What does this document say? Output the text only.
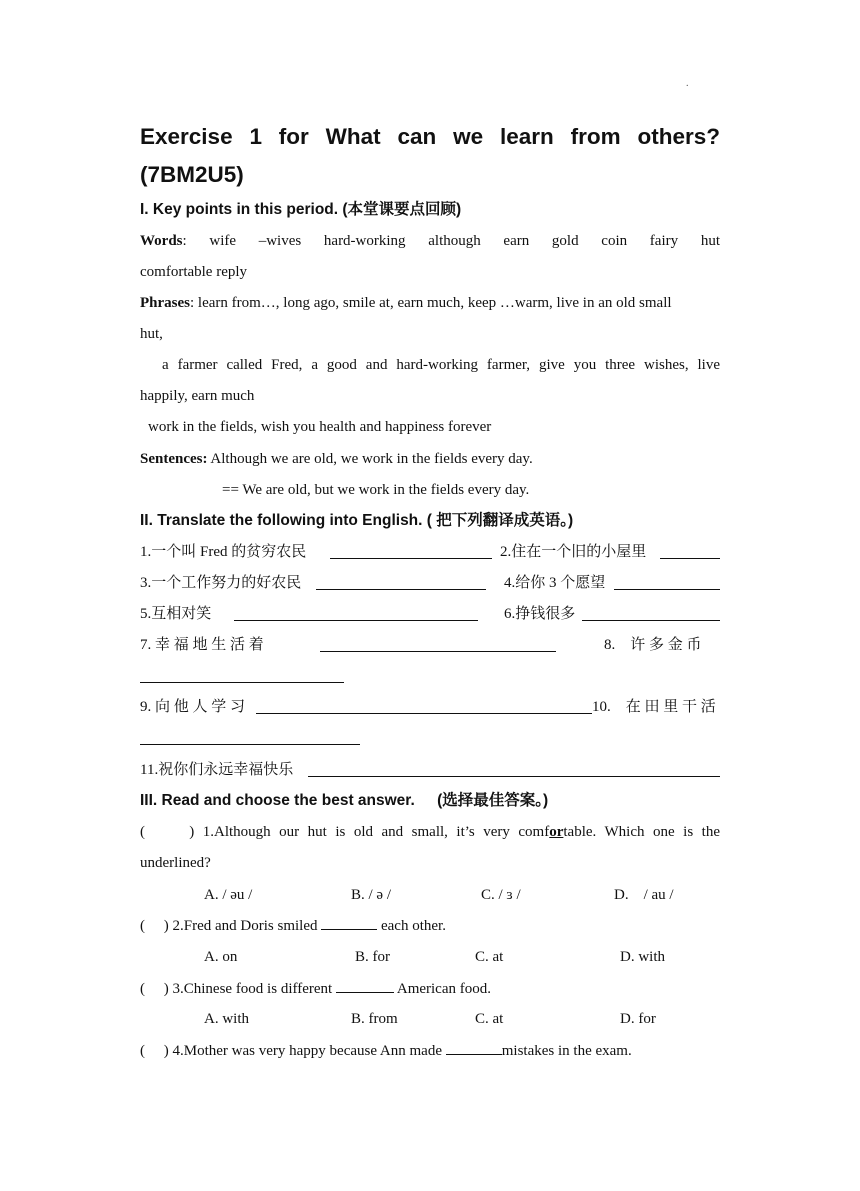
.
Exercise 1 for What can we learn from others?
(7BM2U5)
I. Key points in this period. (本堂课要点回顾)
Words: wife –wives hard-working although earn gold coin fairy hut
comfortable reply
Phrases: learn from…, long ago, smile at, earn much, keep …warm, live in an old small
hut,
a farmer called Fred, a good and hard-working farmer, give you three wishes, live
happily, earn much
work in the fields, wish you health and happiness forever
Sentences: Although we are old, we work in the fields every day.
== We are old, but we work in the fields every day.
II. Translate the following into English. ( 把下列翻译成英语。)
1.一个叫 Fred 的贫穷农民	2.住在一个旧的小屋里
3.一个工作努力的好农民	4.给你 3 个愿望
5.互相对笑	6.挣钱很多
7. 幸 福 地 生 活 着	8.　许 多 金 币
9. 向 他 人 学 习	10.　在 田 里 干 活
11.祝你们永远幸福快乐
III. Read and choose the best answer. (选择最佳答案。)
(　　) 1.Although our hut is old and small, it’s very comfortable. Which one is the
underlined?
A. / əu /	B. / ə /	C. / ɜ /	D.　/ au /
(　 ) 2.Fred and Doris smiled	each other.
A. on	B. for	C. at	D. with
(　 ) 3.Chinese food is different	American food.
A. with	B. from	C. at	D. for
(　 ) 4.Mother was very happy because Ann made	mistakes in the exam.
